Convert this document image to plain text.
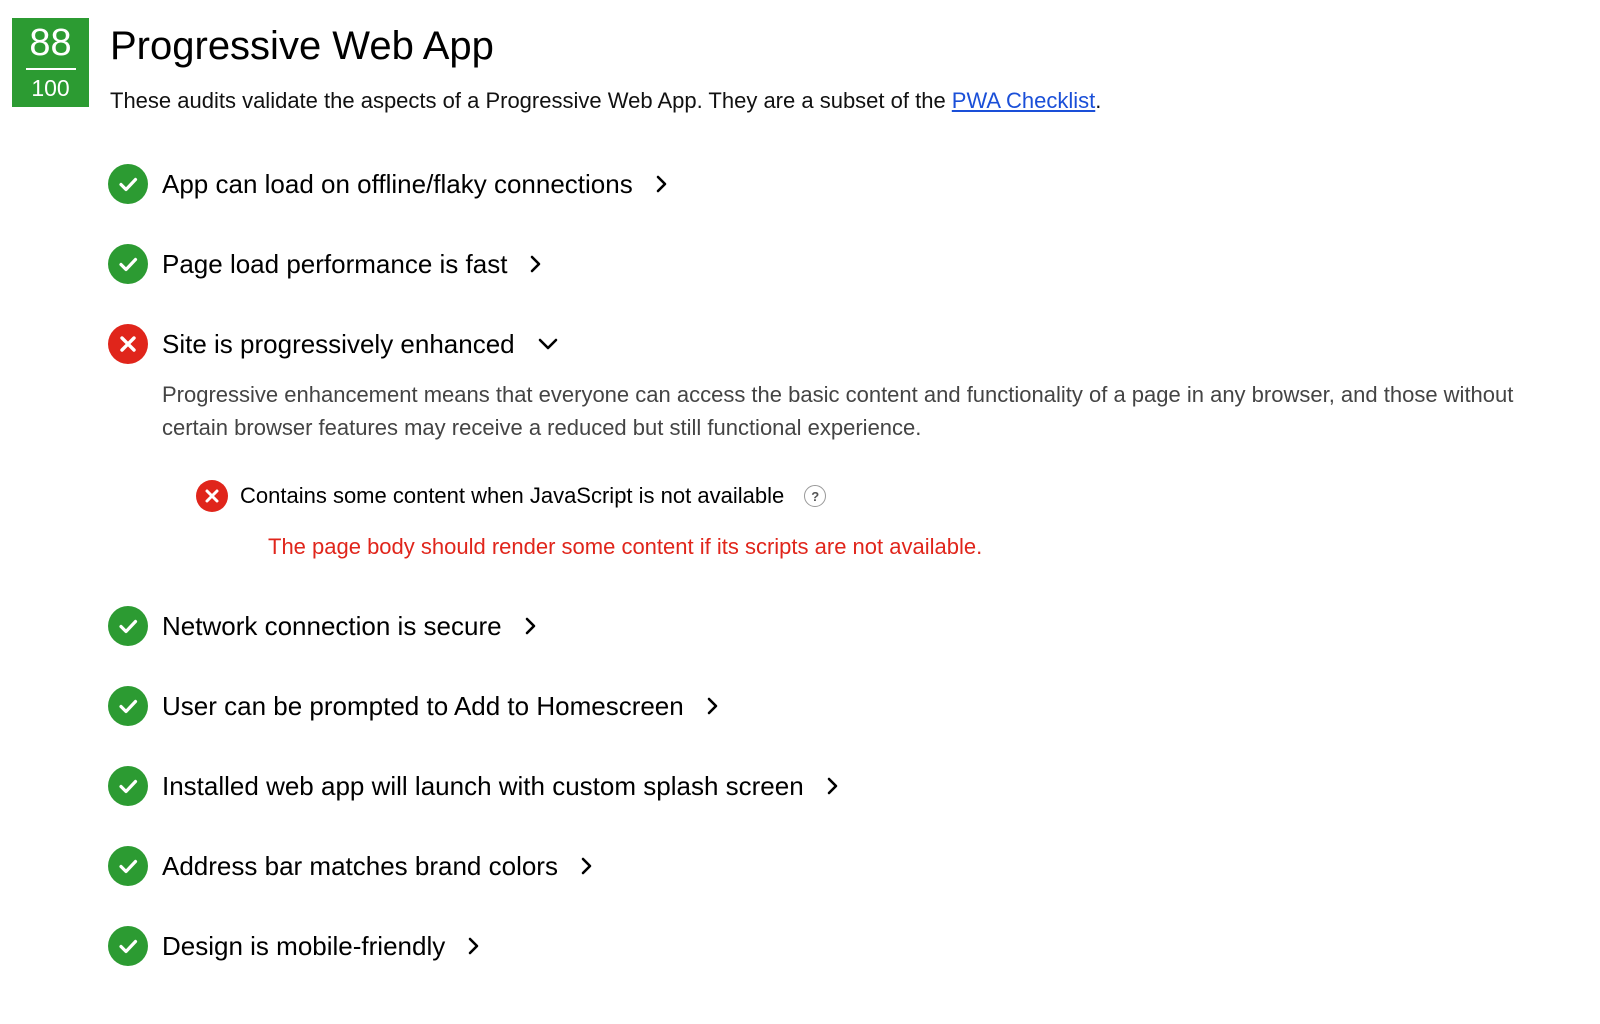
88
100
Progressive Web App
These audits validate the aspects of a Progressive Web App. They are a subset of the PWA Checklist.
App can load on offline/flaky connections
Page load performance is fast
Site is progressively enhanced
Progressive enhancement means that everyone can access the basic content and functionality of a page in any browser, and those without certain browser features may receive a reduced but still functional experience.
Contains some content when JavaScript is not available	?
The page body should render some content if its scripts are not available.
Network connection is secure
User can be prompted to Add to Homescreen
Installed web app will launch with custom splash screen
Address bar matches brand colors
Design is mobile-friendly
